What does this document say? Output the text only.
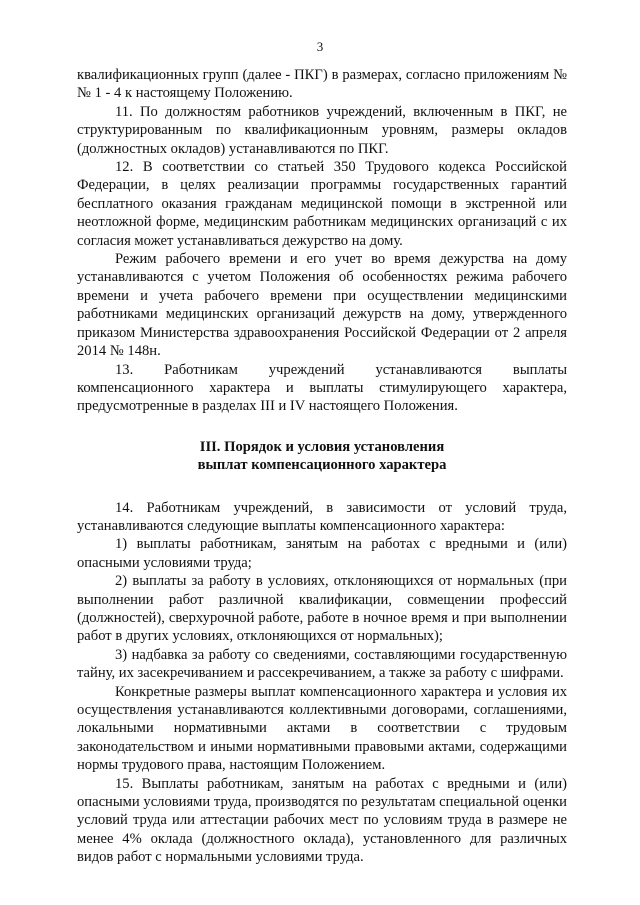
3

квалификационных групп (далее - ПКГ) в размерах, согласно приложениям №№ 1 - 4 к настоящему Положению.

11. По должностям работников учреждений, включенным в ПКГ, не структурированным по квалификационным уровням, размеры окладов (должностных окладов) устанавливаются по ПКГ.

12. В соответствии со статьей 350 Трудового кодекса Российской Федерации, в целях реализации программы государственных гарантий бесплатного оказания гражданам медицинской помощи в экстренной или неотложной форме, медицинским работникам медицинских организаций с их согласия может устанавливаться дежурство на дому.

Режим рабочего времени и его учет во время дежурства на дому устанавливаются с учетом Положения об особенностях режима рабочего времени и учета рабочего времени при осуществлении медицинскими работниками медицинских организаций дежурств на дому, утвержденного приказом Министерства здравоохранения Российской Федерации от 2 апреля 2014 № 148н.

13. Работникам учреждений устанавливаются выплаты компенсационного характера и выплаты стимулирующего характера, предусмотренные в разделах III и IV настоящего Положения.

III. Порядок и условия установления
выплат компенсационного характера

14. Работникам учреждений, в зависимости от условий труда, устанавливаются следующие выплаты компенсационного характера:

1) выплаты работникам, занятым на работах с вредными и (или) опасными условиями труда;

2) выплаты за работу в условиях, отклоняющихся от нормальных (при выполнении работ различной квалификации, совмещении профессий (должностей), сверхурочной работе, работе в ночное время и при выполнении работ в других условиях, отклоняющихся от нормальных);

3) надбавка за работу со сведениями, составляющими государственную тайну, их засекречиванием и рассекречиванием, а также за работу с шифрами.

Конкретные размеры выплат компенсационного характера и условия их осуществления устанавливаются коллективными договорами, соглашениями, локальными нормативными актами в соответствии с трудовым законодательством и иными нормативными правовыми актами, содержащими нормы трудового права, настоящим Положением.

15. Выплаты работникам, занятым на работах с вредными и (или) опасными условиями труда, производятся по результатам специальной оценки условий труда или аттестации рабочих мест по условиям труда в размере не менее 4% оклада (должностного оклада), установленного для различных видов работ с нормальными условиями труда.
